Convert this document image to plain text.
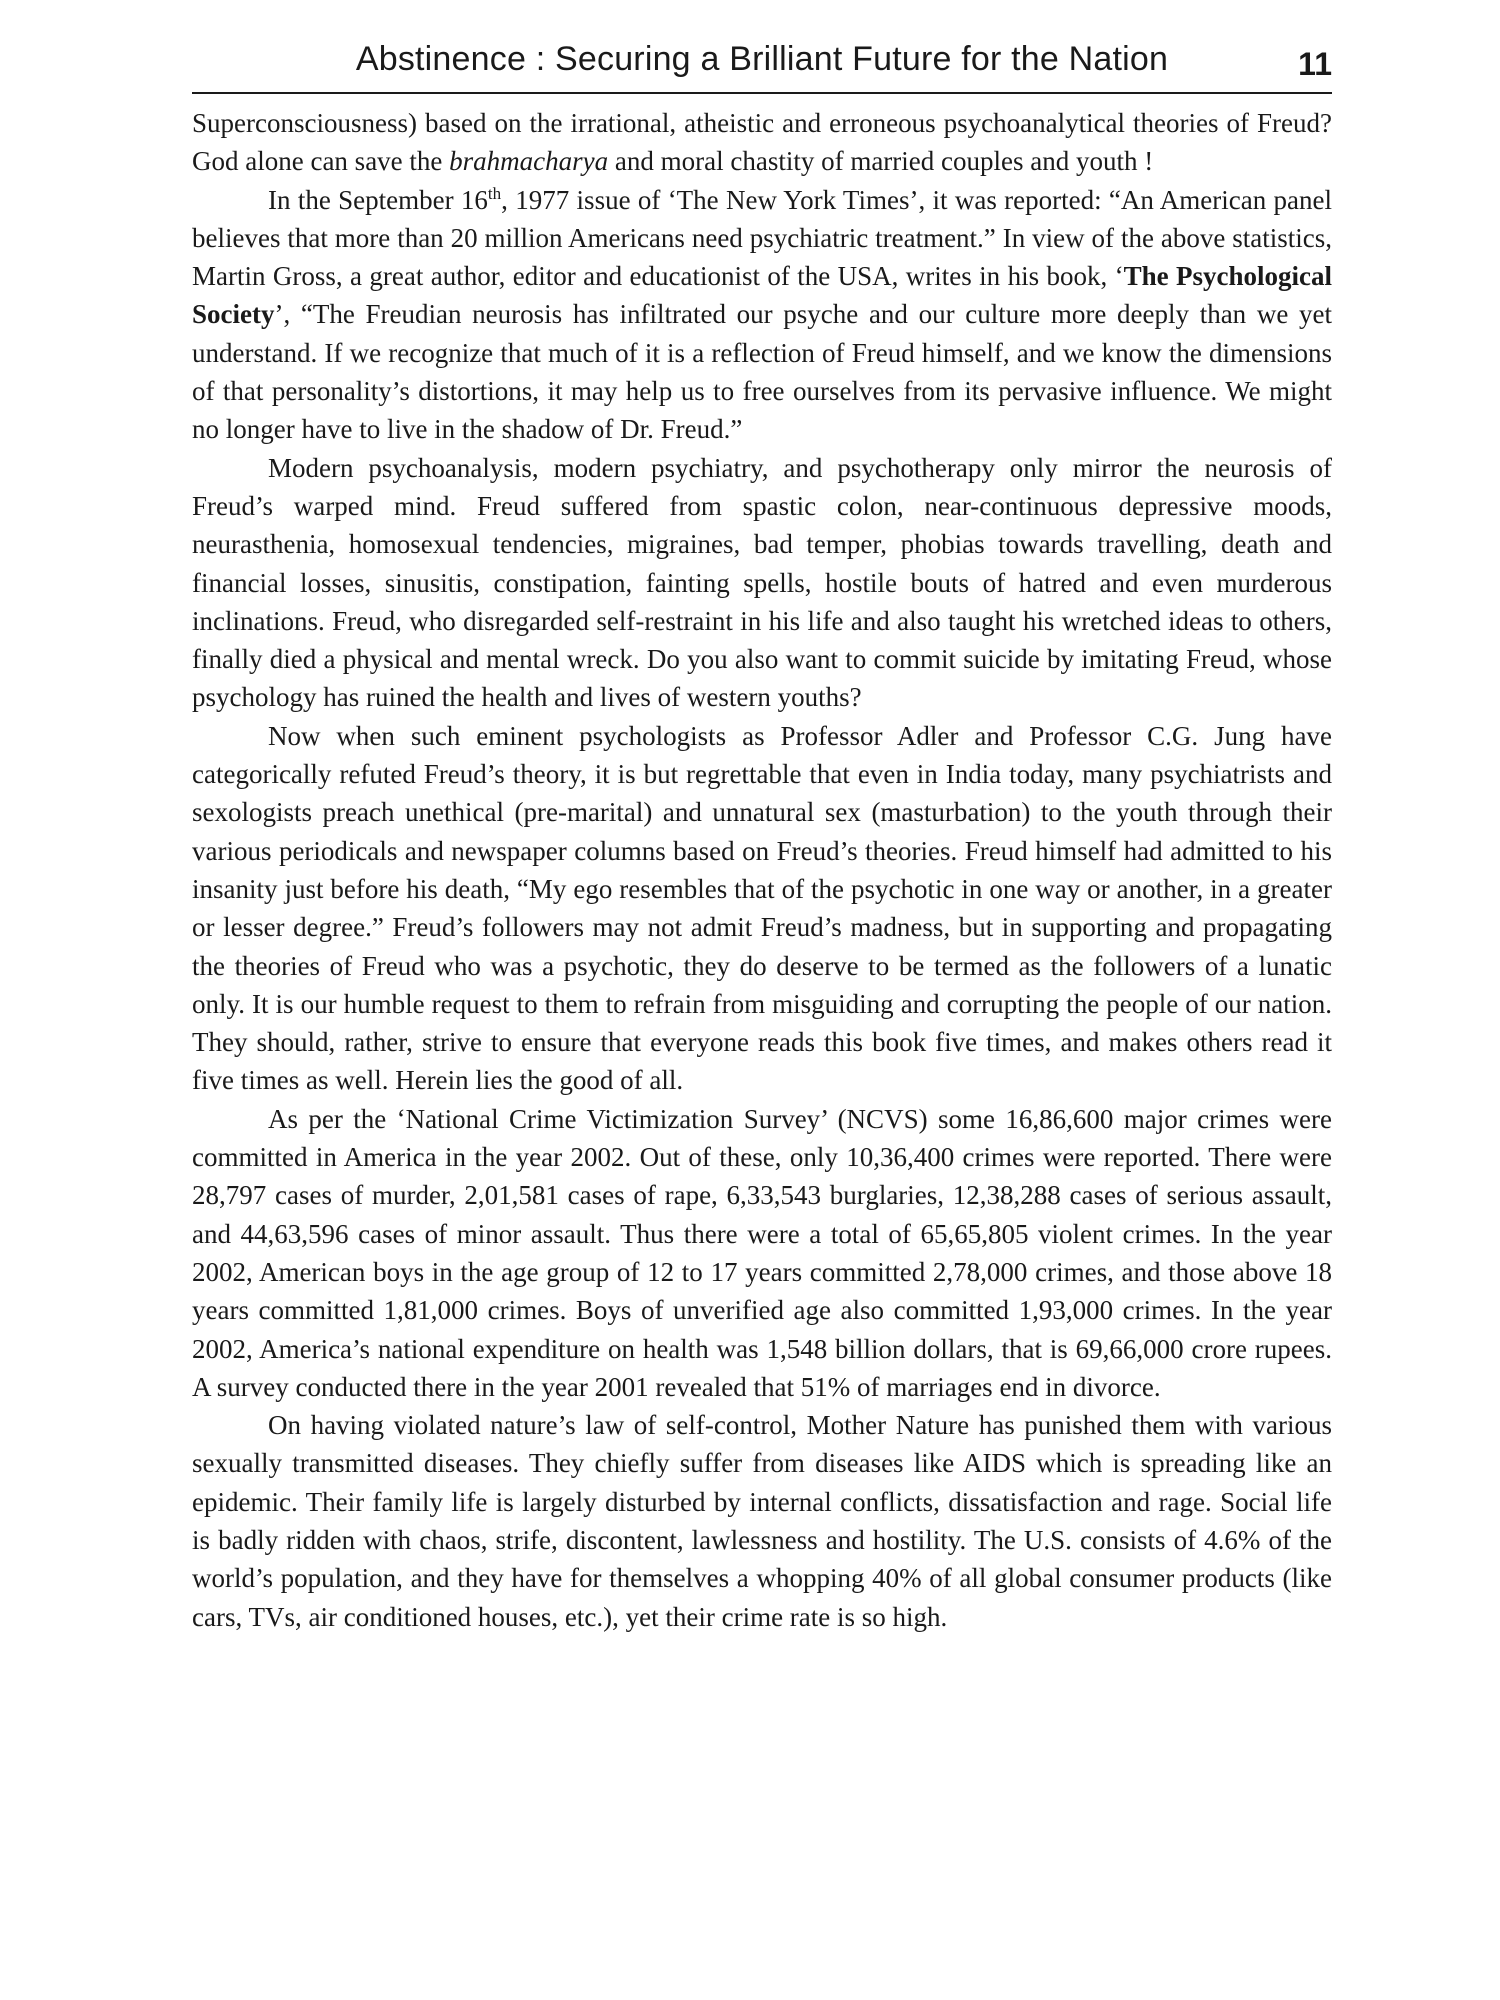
Abstinence : Securing a Brilliant Future for the Nation	11

Superconsciousness) based on the irrational, atheistic and erroneous psychoanalytical theories of Freud? God alone can save the brahmacharya and moral chastity of married couples and youth !

In the September 16th, 1977 issue of ‘The New York Times’, it was reported: “An American panel believes that more than 20 million Americans need psychiatric treatment.” In view of the above statistics, Martin Gross, a great author, editor and educationist of the USA, writes in his book, ‘The Psychological Society’, “The Freudian neurosis has infiltrated our psyche and our culture more deeply than we yet understand. If we recognize that much of it is a reflection of Freud himself, and we know the dimensions of that personality’s distortions, it may help us to free ourselves from its pervasive influence. We might no longer have to live in the shadow of Dr. Freud.”

Modern psychoanalysis, modern psychiatry, and psychotherapy only mirror the neurosis of Freud’s warped mind. Freud suffered from spastic colon, near-continuous depressive moods, neurasthenia, homosexual tendencies, migraines, bad temper, phobias towards travelling, death and financial losses, sinusitis, constipation, fainting spells, hostile bouts of hatred and even murderous inclinations. Freud, who disregarded self-restraint in his life and also taught his wretched ideas to others, finally died a physical and mental wreck. Do you also want to commit suicide by imitating Freud, whose psychology has ruined the health and lives of western youths?

Now when such eminent psychologists as Professor Adler and Professor C.G. Jung have categorically refuted Freud’s theory, it is but regrettable that even in India today, many psychiatrists and sexologists preach unethical (pre-marital) and unnatural sex (masturbation) to the youth through their various periodicals and newspaper columns based on Freud’s theories. Freud himself had admitted to his insanity just before his death, “My ego resembles that of the psychotic in one way or another, in a greater or lesser degree.” Freud’s followers may not admit Freud’s madness, but in supporting and propagating the theories of Freud who was a psychotic, they do deserve to be termed as the followers of a lunatic only. It is our humble request to them to refrain from misguiding and corrupting the people of our nation. They should, rather, strive to ensure that everyone reads this book five times, and makes others read it five times as well. Herein lies the good of all.

As per the ‘National Crime Victimization Survey’ (NCVS) some 16,86,600 major crimes were committed in America in the year 2002. Out of these, only 10,36,400 crimes were reported. There were 28,797 cases of murder, 2,01,581 cases of rape, 6,33,543 burglaries, 12,38,288 cases of serious assault, and 44,63,596 cases of minor assault. Thus there were a total of 65,65,805 violent crimes. In the year 2002, American boys in the age group of 12 to 17 years committed 2,78,000 crimes, and those above 18 years committed 1,81,000 crimes. Boys of unverified age also committed 1,93,000 crimes. In the year 2002, America’s national expenditure on health was 1,548 billion dollars, that is 69,66,000 crore rupees. A survey conducted there in the year 2001 revealed that 51% of marriages end in divorce.

On having violated nature’s law of self-control, Mother Nature has punished them with various sexually transmitted diseases. They chiefly suffer from diseases like AIDS which is spreading like an epidemic. Their family life is largely disturbed by internal conflicts, dissatisfaction and rage. Social life is badly ridden with chaos, strife, discontent, lawlessness and hostility. The U.S. consists of 4.6% of the world’s population, and they have for themselves a whopping 40% of all global consumer products (like cars, TVs, air conditioned houses, etc.), yet their crime rate is so high.
